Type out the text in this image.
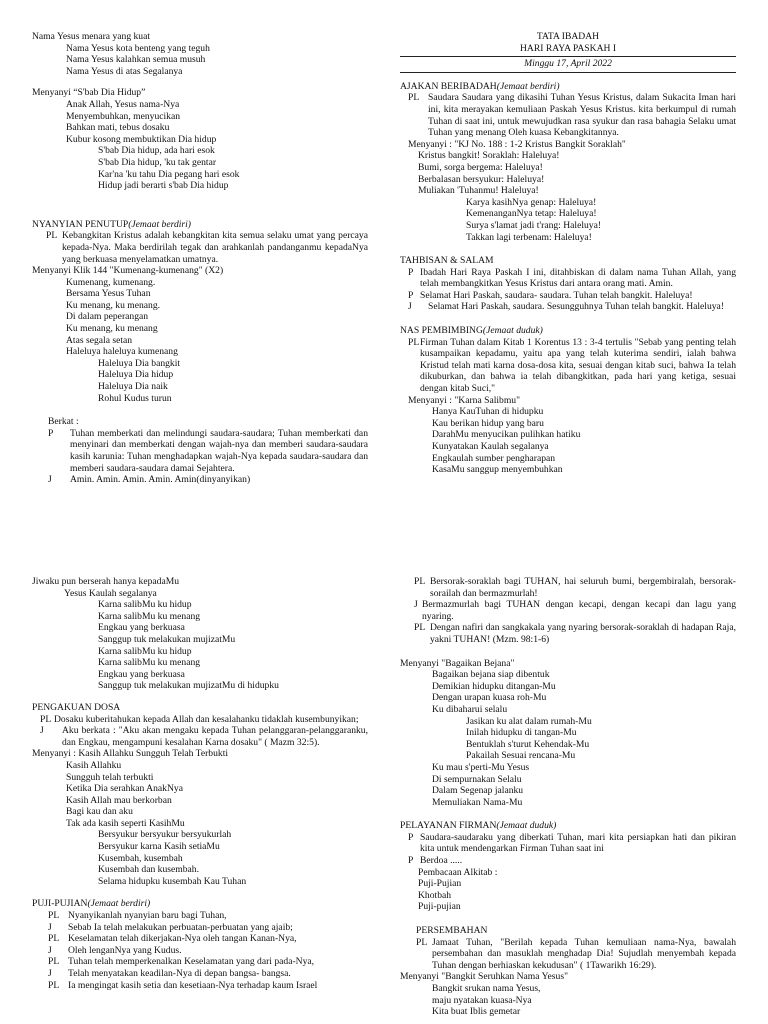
Nama Yesus menara yang kuat
Nama Yesus kota benteng yang teguh
Nama Yesus kalahkan semua musuh
Nama Yesus di atas Segalanya
Menyanyi “S'bab Dia Hidup”
Anak Allah, Yesus nama-Nya
Menyembuhkan, menyucikan
Bahkan mati, tebus dosaku
Kubur kosong membuktikan Dia hidup
S'bab Dia hidup, ada hari esok
S'bab Dia hidup, 'ku tak gentar
Kar'na 'ku tahu Dia pegang hari esok
Hidup jadi berarti s'bab Dia hidup
NYANYIAN PENUTUP(Jemaat berdiri)
PL Kebangkitan Kristus adalah kebangkitan kita semua selaku umat yang percaya kepada-Nya. Maka berdirilah tegak dan arahkanlah pandanganmu kepadaNya yang berkuasa menyelamatkan umatnya.
Menyanyi Klik 144 "Kumenang-kumenang" (X2)
Kumenang, kumenang.
Bersama Yesus Tuhan
Ku menang, ku menang.
Di dalam peperangan
Ku menang, ku menang
Atas segala setan
Haleluya haleluya kumenang
Haleluya Dia bangkit
Haleluya Dia hidup
Haleluya Dia naik
Rohul Kudus turun
Berkat :
P	Tuhan memberkati dan melindungi saudara-saudara; Tuhan memberkati dan menyinari dan memberkati dengan wajah-nya dan memberi saudara-saudara kasih karunia: Tuhan menghadapkan wajah-Nya kepada saudara-saudara dan memberi saudara-saudara damai Sejahtera.
J	Amin. Amin. Amin. Amin. Amin(dinyanyikan)
TATA IBADAH
HARI RAYA PASKAH I
Minggu 17, April 2022
AJAKAN BERIBADAH(Jemaat berdiri)
PL Saudara Saudara yang dikasihi Tuhan Yesus Kristus, dalam Sukacita Iman hari ini, kita merayakan kemuliaan Paskah Yesus Kristus. kita berkumpul di rumah Tuhan di saat ini, untuk mewujudkan rasa syukur dan rasa bahagia Selaku umat Tuhan yang menang Oleh kuasa Kebangkitannya.
Menyanyi : "KJ No. 188 : 1-2 Kristus Bangkit Soraklah"
Kristus bangkit! Soraklah: Haleluya!
Bumi, sorga bergema: Haleluya!
Berbalasan bersyukur: Haleluya!
Muliakan 'Tuhanmu! Haleluya!
Karya kasihNya genap: Haleluya!
KemenanganNya tetap: Haleluya!
Surya s'lamat jadi t'rang: Haleluya!
Takkan lagi terbenam: Haleluya!
TAHBISAN & SALAM
P Ibadah Hari Raya Paskah I ini, ditahbiskan di dalam nama Tuhan Allah, yang telah membangkitkan Yesus Kristus dari antara orang mati. Amin.
P Selamat Hari Paskah, saudara- saudara. Tuhan telah bangkit. Haleluya!
J	Selamat Hari Paskah, saudara. Sesungguhnya Tuhan telah bangkit. Haleluya!
NAS PEMBIMBING(Jemaat duduk)
PL Firman Tuhan dalam Kitab 1 Korentus 13 : 3-4 tertulis "Sebab yang penting telah kusampaikan kepadamu, yaitu apa yang telah kuterima sendiri, ialah bahwa Kristud telah mati karna dosa-dosa kita, sesuai dengan kitab suci, bahwa Ia telah dikuburkan, dan bahwa ia telah dibangkitkan, pada hari yang ketiga, sesuai dengan kitab Suci,"
Menyanyi : "Karna Salibmu"
Hanya KauTuhan di hidupku
Kau berikan hidup yang baru
DarahMu menyucikan pulihkan hatiku
Kunyatakan Kaulah segalanya
Engkaulah sumber pengharapan
KasaMu sanggup menyembuhkan
Jiwaku pun berserah hanya kepadaMu
Yesus Kaulah segalanya
Karna salibMu ku hidup
Karna salibMu ku menang
Engkau yang berkuasa
Sanggup tuk melakukan mujizatMu
Karna salibMu ku hidup
Karna salibMu ku menang
Engkau yang berkuasa
Sanggup tuk melakukan mujizatMu di hidupku
PENGAKUAN DOSA
PL Dosaku kuberitahukan kepada Allah dan kesalahanku tidaklah kusembunyikan;
J	Aku berkata : "Aku akan mengaku kepada Tuhan pelanggaran-pelanggaranku, dan Engkau, mengampuni kesalahan Karna dosaku" ( Mazm 32:5).
Menyanyi : Kasih Allahku Sungguh Telah Terbukti
Kasih Allahku
Sungguh telah terbukti
Ketika Dia serahkan AnakNya
Kasih Allah mau berkorban
Bagi kau dan aku
Tak ada kasih seperti KasihMu
Bersyukur bersyukur bersyukurlah
Bersyukur karna Kasih setiaMu
Kusembah, kusembah
Kusembah dan kusembah.
Selama hidupku kusembah Kau Tuhan
PUJI-PUJIAN(Jemaat berdiri)
PL Nyanyikanlah nyanyian baru bagi Tuhan,
J	Sebab Ia telah melakukan perbuatan-perbuatan yang ajaib;
PL Keselamatan telah dikerjakan-Nya oleh tangan Kanan-Nya,
J	Oleh lenganNya yang Kudus.
PL Tuhan telah memperkenalkan Keselamatan yang dari pada-Nya,
J	Telah menyatakan keadilan-Nya di depan bangsa- bangsa.
PL Ia mengingat kasih setia dan kesetiaan-Nya terhadap kaum Israel
PL Bersorak-soraklah bagi TUHAN, hai seluruh bumi, bergembiralah, bersorak- sorailah dan bermazmurlah!
J Bermazmurlah bagi TUHAN dengan kecapi, dengan kecapi dan lagu yang nyaring.
PL Dengan nafiri dan sangkakala yang nyaring bersorak-soraklah di hadapan Raja, yakni TUHAN! (Mzm. 98:1-6)
Menyanyi "Bagaikan Bejana"
Bagaikan bejana siap dibentuk
Demikian hidupku ditangan-Mu
Dengan urapan kuasa roh-Mu
Ku dibaharui selalu
Jasikan ku alat dalam rumah-Mu
Inilah hidupku di tangan-Mu
Bentuklah s'turut Kehendak-Mu
Pakailah Sesuai rencana-Mu
Ku mau s'perti-Mu Yesus
Di sempurnakan Selalu
Dalam Segenap jalanku
Memuliakan Nama-Mu
PELAYANAN FIRMAN(Jemaat duduk)
P Saudara-saudaraku yang diberkati Tuhan, mari kita persiapkan hati dan pikiran kita untuk mendengarkan Firman Tuhan saat ini
P Berdoa .....
Pembacaan Alkitab :
Puji-Pujian
Khotbah
Puji-pujian
PERSEMBAHAN
PL Jamaat Tuhan, "Berilah kepada Tuhan kemuliaan nama-Nya, bawalah persembahan dan masuklah menghadap Dia! Sujudlah menyembah kepada Tuhan dengan berhiaskan kekudusan" ( 1Tawarikh 16:29).
Menyanyi "Bangkit Seruhkan Nama Yesus"
Bangkit srukan nama Yesus,
maju nyatakan kuasa-Nya
Kita buat Iblis gemetar
